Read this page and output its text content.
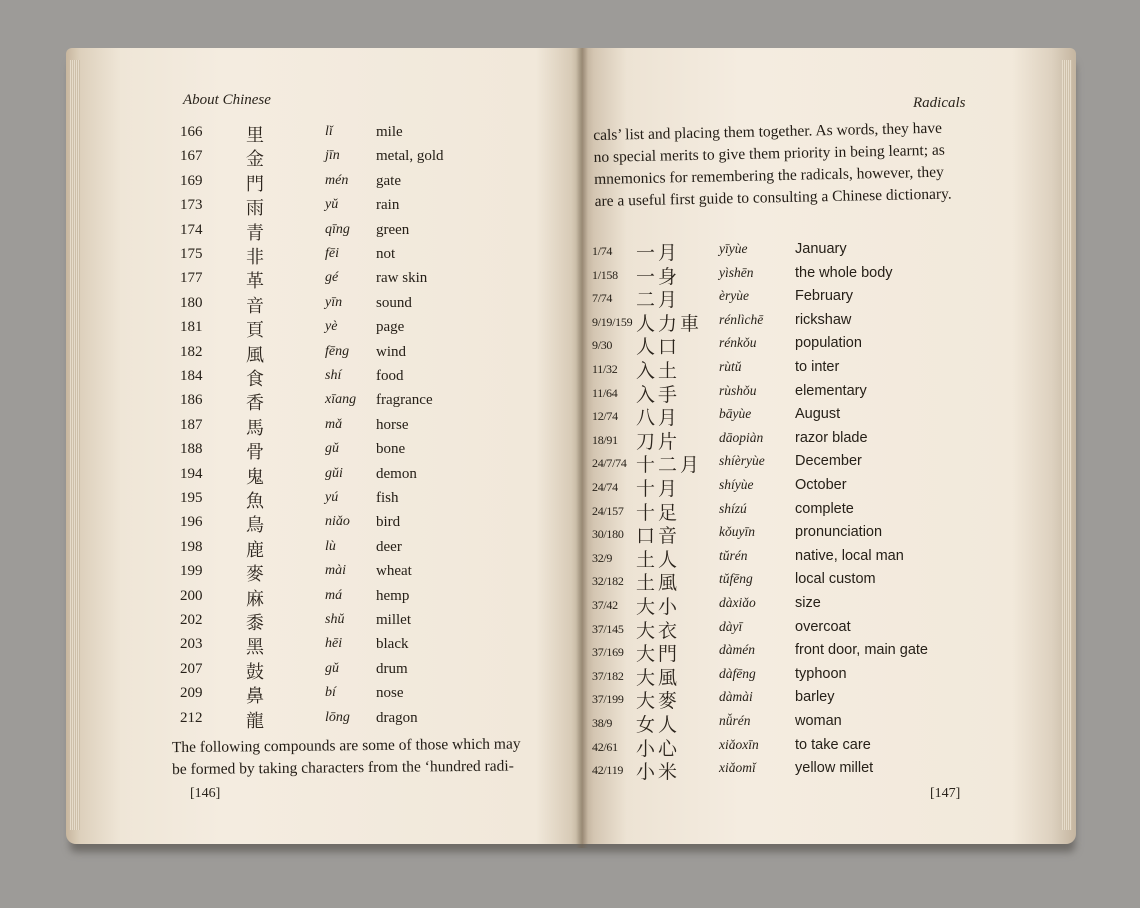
About Chinese	Radicals
166	里	lǐ	mile
167	金	jīn metal, gold
169	門	mén gate
173	雨	yǔ	rain
174	青	qīng green
175	非	fēi not
177	革	gé	raw skin
180	音	yīn sound
181	頁	yè	page
182	風	fēng wind
184	食	shí food
186	香	xīang fragrance
187	馬	mǎ horse
188	骨	gǔ bone
194	鬼	gǔi demon
195	魚	yú	fish
196	鳥	niǎo bird
198	鹿	lù	deer
199	麥	mài wheat
200	麻	má hemp
202	黍	shǔ millet
203	黑	hēi black
207	鼓	gǔ drum
209	鼻	bí	nose
212	龍	lōng dragon
The following compounds are some of those which may
be formed by taking characters from the ‘hundred radi-
cals’ list and placing them together. As words, they have
no special merits to give them priority in being learnt; as
mnemonics for remembering the radicals, however, they
are a useful first guide to consulting a Chinese dictionary.
1/74 一月	yīyùe	January
1/158 一身	yìshēn	the whole body
7/74 二月	èryùe	February
9/19/159 人力車 rénlìchē rickshaw
9/30 人口	rénkǒu	population
11/32 入土	rùtǔ	to inter
11/64 入手	rùshǒu	elementary
12/74 八月	bāyùe	August
18/91 刀片	dāopiàn razor blade
24/7/74 十二月 shíèryùe December
24/74 十月	shíyùe	October
24/157 十足	shízú	complete
30/180 口音	kǒuyīn	pronunciation
32/9 土人	tǔrén	native, local man
32/182 土風	tǔfēng	local custom
37/42 大小	dàxiǎo	size
37/145 大衣	dàyī	overcoat
37/169 大門	dàmén	front door, main gate
37/182 大風	dàfēng	typhoon
37/199 大麥	dàmài	barley
38/9 女人	nǚrén	woman
42/61 小心	xiǎoxīn	to take care
42/119 小米	xiǎomǐ	yellow millet
[146]	[147]
